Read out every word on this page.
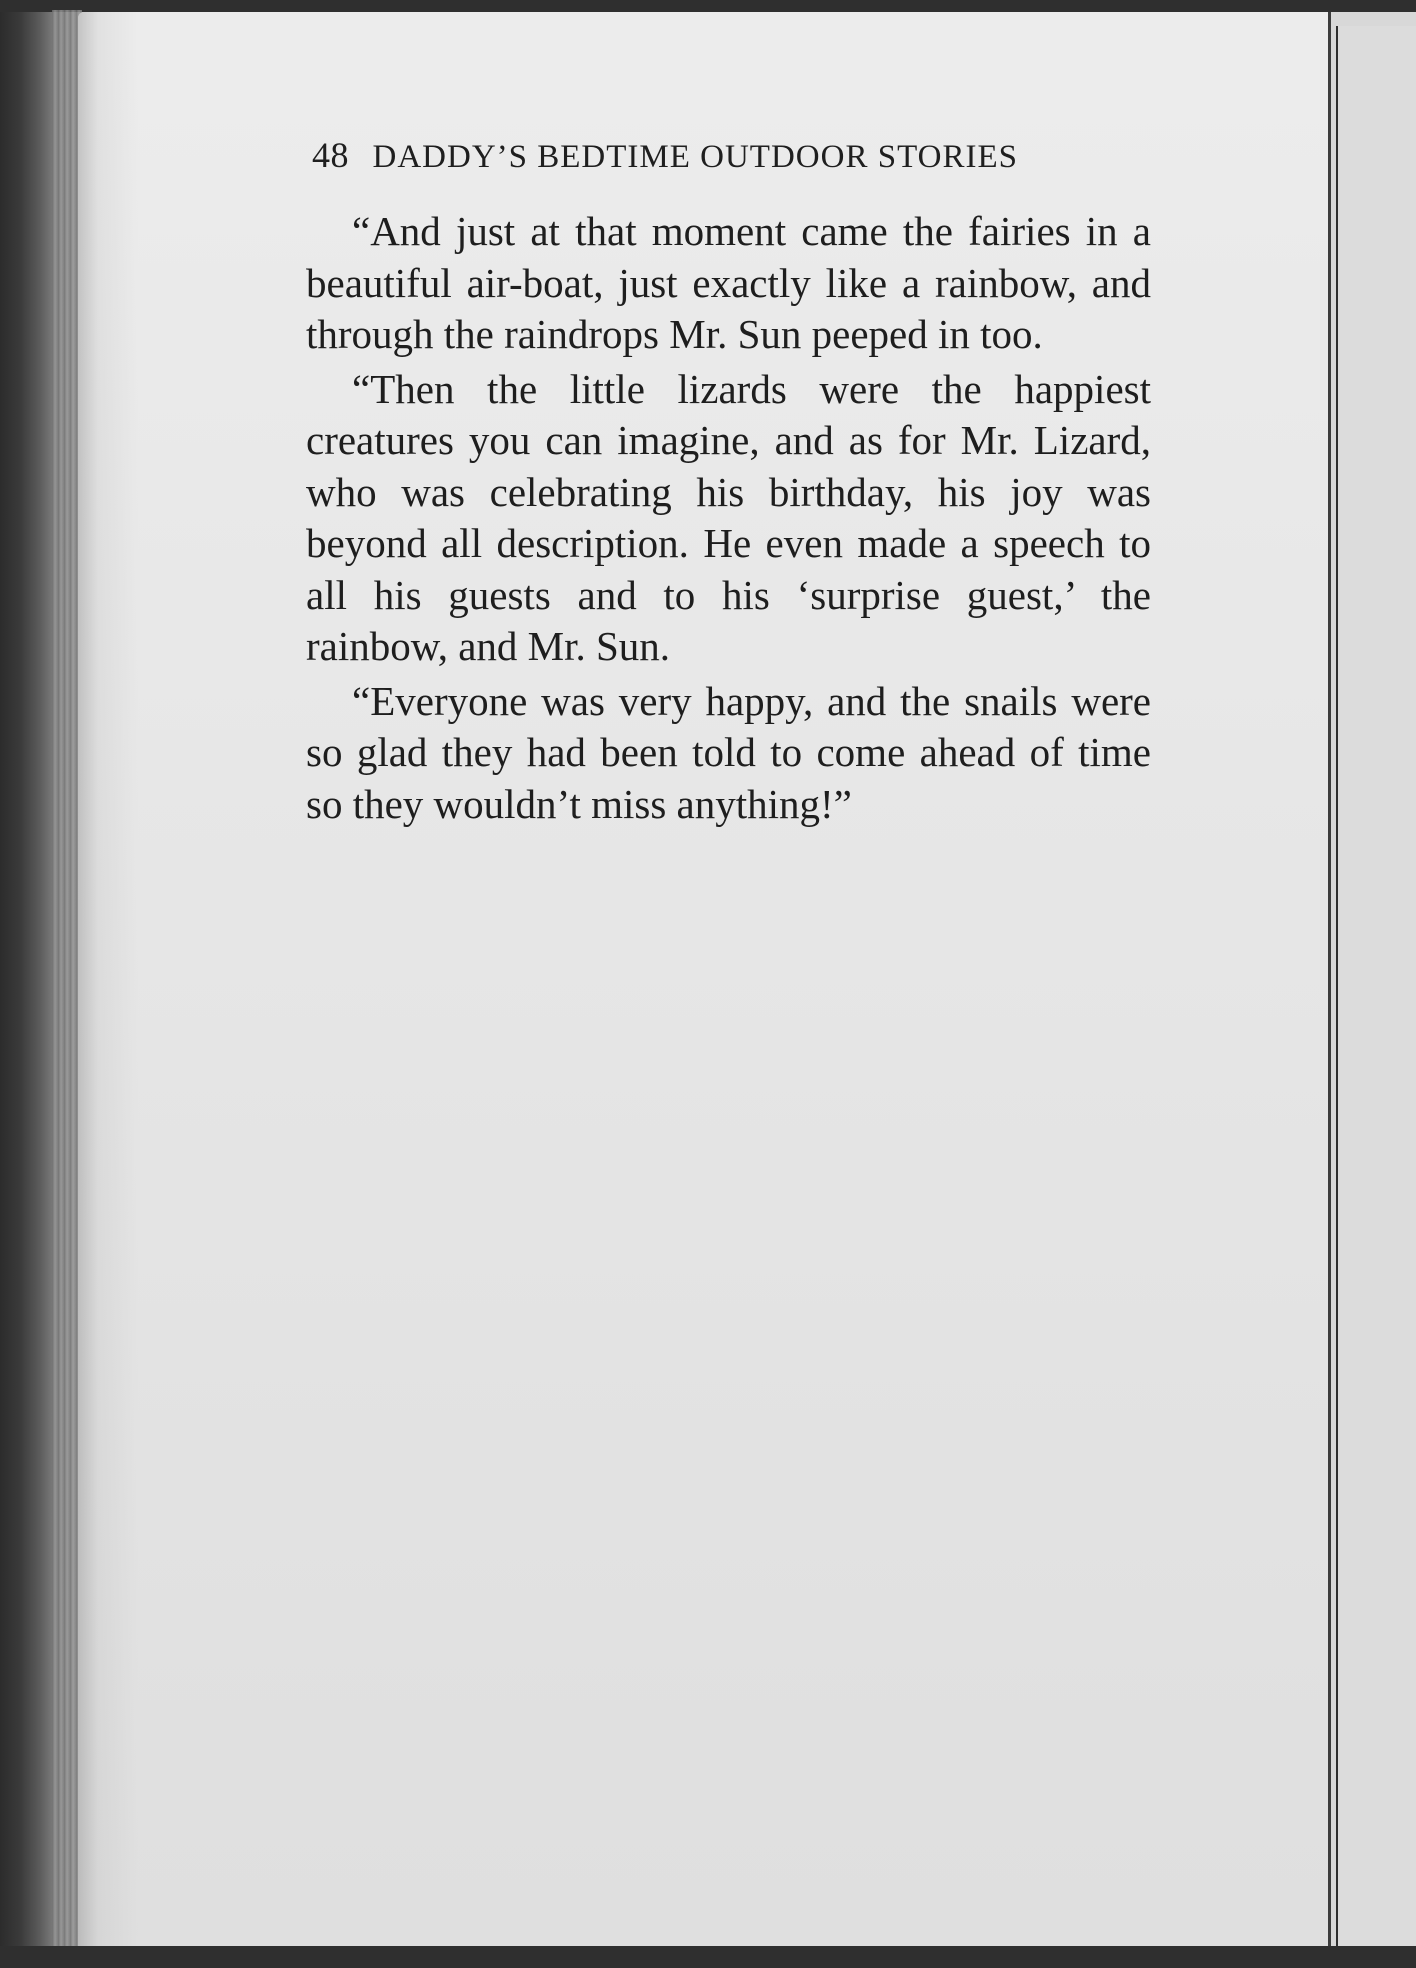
48 DADDY’S BEDTIME OUTDOOR STORIES

“And just at that moment came the fairies in a beautiful air-boat, just exactly like a rainbow, and through the raindrops Mr. Sun peeped in too.

“Then the little lizards were the happiest creatures you can imagine, and as for Mr. Lizard, who was celebrating his birthday, his joy was beyond all description. He even made a speech to all his guests and to his ‘surprise guest,’ the rainbow, and Mr. Sun.

“Everyone was very happy, and the snails were so glad they had been told to come ahead of time so they wouldn’t miss anything!”
